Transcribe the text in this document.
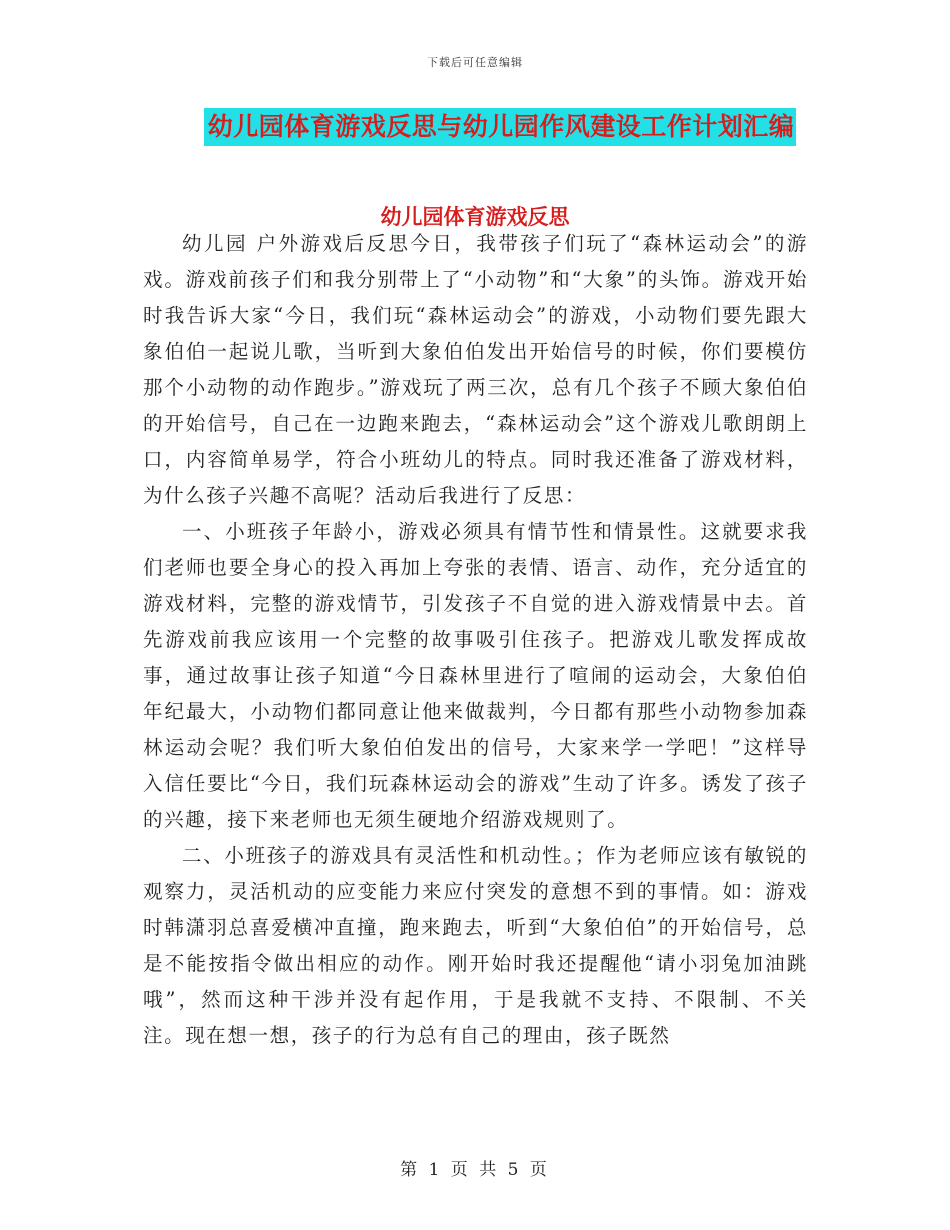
下载后可任意编辑
幼儿园体育游戏反思与幼儿园作风建设工作计划汇编
幼儿园体育游戏反思

幼儿园 户外游戏后反思今日，我带孩子们玩了“森林运动会”的游戏。游戏前孩子们和我分别带上了“小动物”和“大象”的头饰。游戏开始时我告诉大家“今日，我们玩“森林运动会”的游戏，小动物们要先跟大象伯伯一起说儿歌，当听到大象伯伯发出开始信号的时候，你们要模仿那个小动物的动作跑步。”游戏玩了两三次，总有几个孩子不顾大象伯伯的开始信号，自己在一边跑来跑去，“森林运动会”这个游戏儿歌朗朗上口，内容简单易学，符合小班幼儿的特点。同时我还准备了游戏材料，为什么孩子兴趣不高呢？活动后我进行了反思：

一、小班孩子年龄小，游戏必须具有情节性和情景性。这就要求我们老师也要全身心的投入再加上夸张的表情、语言、动作，充分适宜的游戏材料，完整的游戏情节，引发孩子不自觉的进入游戏情景中去。首先游戏前我应该用一个完整的故事吸引住孩子。把游戏儿歌发挥成故事，通过故事让孩子知道“今日森林里进行了喧闹的运动会，大象伯伯年纪最大，小动物们都同意让他来做裁判，今日都有那些小动物参加森林运动会呢？我们听大象伯伯发出的信号，大家来学一学吧！”这样导入信任要比“今日，我们玩森林运动会的游戏”生动了许多。诱发了孩子的兴趣，接下来老师也无须生硬地介绍游戏规则了。

二、小班孩子的游戏具有灵活性和机动性。；作为老师应该有敏锐的观察力，灵活机动的应变能力来应付突发的意想不到的事情。如：游戏时韩潇羽总喜爱横冲直撞，跑来跑去，听到“大象伯伯”的开始信号，总是不能按指令做出相应的动作。刚开始时我还提醒他“请小羽兔加油跳哦”，然而这种干涉并没有起作用，于是我就不支持、不限制、不关注。现在想一想，孩子的行为总有自己的理由，孩子既然

第 1 页 共 5 页
